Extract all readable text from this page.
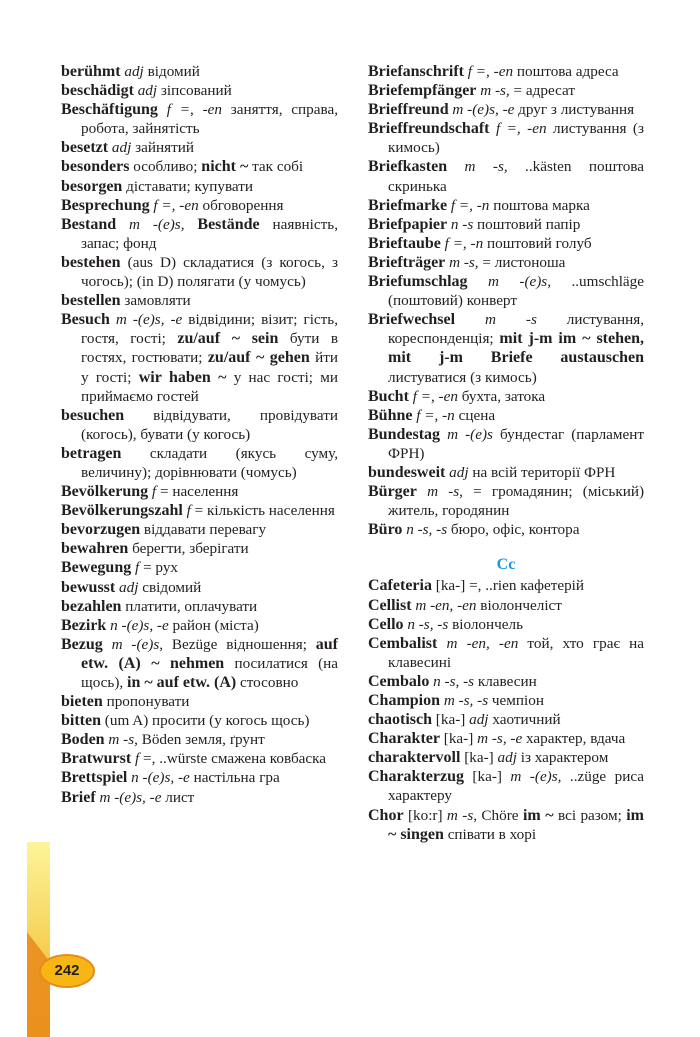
berühmt adj відомий

beschädigt adj зіпсований

Beschäftigung f =, -en заняття, справа, робота, зайнятість

besetzt adj зайнятий

besonders особливо; nicht ~ так собі

besorgen діставати; купувати

Besprechung f =, -en обговорення

Bestand m -(e)s, Bestände наявність, запас; фонд

bestehen (aus D) складатися (з когось, з чогось); (in D) полягати (у чомусь)

bestellen замовляти

Besuch m -(e)s, -e відвідини; візит; гість, гостя, гості; zu/auf ~ sein бути в гостях, гостювати; zu/auf ~ gehen йти у гості; wir haben ~ у нас гості; ми приймаємо гостей

besuchen відвідувати, провідувати (когось), бувати (у когось)

betragen складати (якусь суму, величину); дорівнювати (чомусь)

Bevölkerung f = населення

Bevölkerungszahl f = кількість населення

bevorzugen віддавати перевагу

bewahren берегти, зберігати

Bewegung f = рух

bewusst adj свідомий

bezahlen платити, оплачувати

Bezirk n -(e)s, -e район (міста)

Bezug m -(e)s, Bezüge відношення; auf etw. (A) ~ nehmen посилатися (на щось), in ~ auf etw. (A) стосовно

bieten пропонувати

bitten (um A) просити (у когось щось)

Boden m -s, Böden земля, ґрунт

Bratwurst f =, ..würste смажена ковбаска

Brettspiel n -(e)s, -e настільна гра

Brief m -(e)s, -e лист

Briefanschrift f =, -en поштова адреса

Briefempfänger m -s, = адресат

Brieffreund m -(e)s, -e друг з листування

Brieffreundschaft f =, -en листування (з кимось)

Briefkasten m -s, ..kästen поштова скринька

Briefmarke f =, -n поштова марка

Briefpapier n -s поштовий папір

Brieftaube f =, -n поштовий голуб

Briefträger m -s, = листоноша

Briefumschlag m -(e)s, ..umschläge (поштовий) конверт

Briefwechsel m -s листування, кореспонденція; mit j-m im ~ stehen, mit j-m Briefe austauschen листуватися (з кимось)

Bucht f =, -en бухта, затока

Bühne f =, -n сцена

Bundestag m -(e)s бундестаг (парламент ФРН)

bundesweit adj на всій території ФРН

Bürger m -s, = громадянин; (міський) житель, городянин

Büro n -s, -s бюро, офіс, контора

Cc

Cafeteria [ka-] =, ..rien кафетерій

Cellist m -en, -en віолончеліст

Cello n -s, -s віолончель

Cembalist m -en, -en той, хто грає на клавесині

Cembalo n -s, -s клавесин

Champion m -s, -s чемпіон

chaotisch [ka-] adj хаотичний

Charakter [ka-] m -s, -e характер, вдача

charaktervoll [ka-] adj із характером

Charakterzug [ka-] m -(e)s, ..züge риса характеру

Chor [ko:r] m -s, Chöre im ~ всі разом; im ~ singen співати в хорі

242
